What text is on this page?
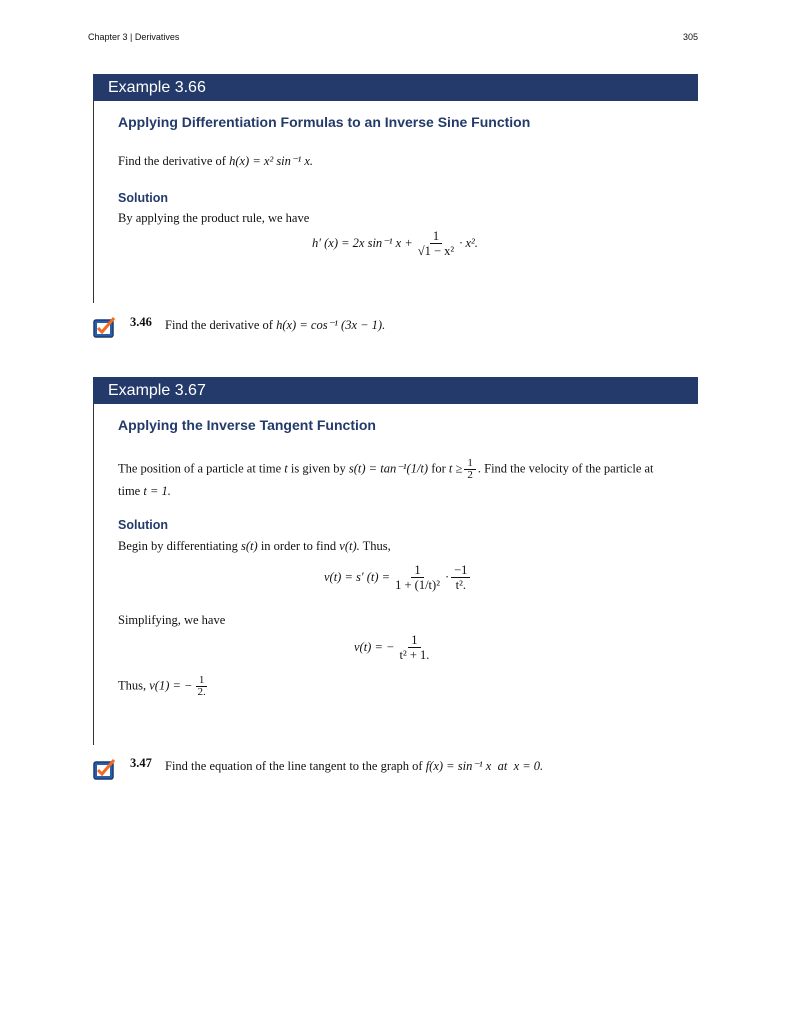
Chapter 3 | Derivatives	305
Example 3.66
Applying Differentiation Formulas to an Inverse Sine Function
Find the derivative of h(x) = x² sin⁻¹ x.
Solution
By applying the product rule, we have
h′ (x) = 2x sin⁻¹ $x + \frac{1}{\text{√1 − x²}} \cdot x^2$.
3.46 Find the derivative of h(x) = cos⁻¹ (3x − 1).
Example 3.67
Applying the Inverse Tangent Function
The position of a particle at time t is given by s(t) = tan⁻¹(1/t) for $t \ge \frac{1}{2}$ . Find the velocity of the particle at
time t = 1.
Solution
Begin by differentiating s(t) in order to find v(t). Thus,
v(t) = s′ $(t) = \frac{1}{\text{1 + (1/t)²}} \cdot \frac{-1}{\text{t².}}$
Simplifying, we have
v(t) = − $\frac{1}{\text{t² + 1.}}$
Thus, v(1) = − $\frac{1}{2.}$
3.47 Find the equation of the line tangent to the graph of f(x) = sin⁻¹ x  at  x = 0.
